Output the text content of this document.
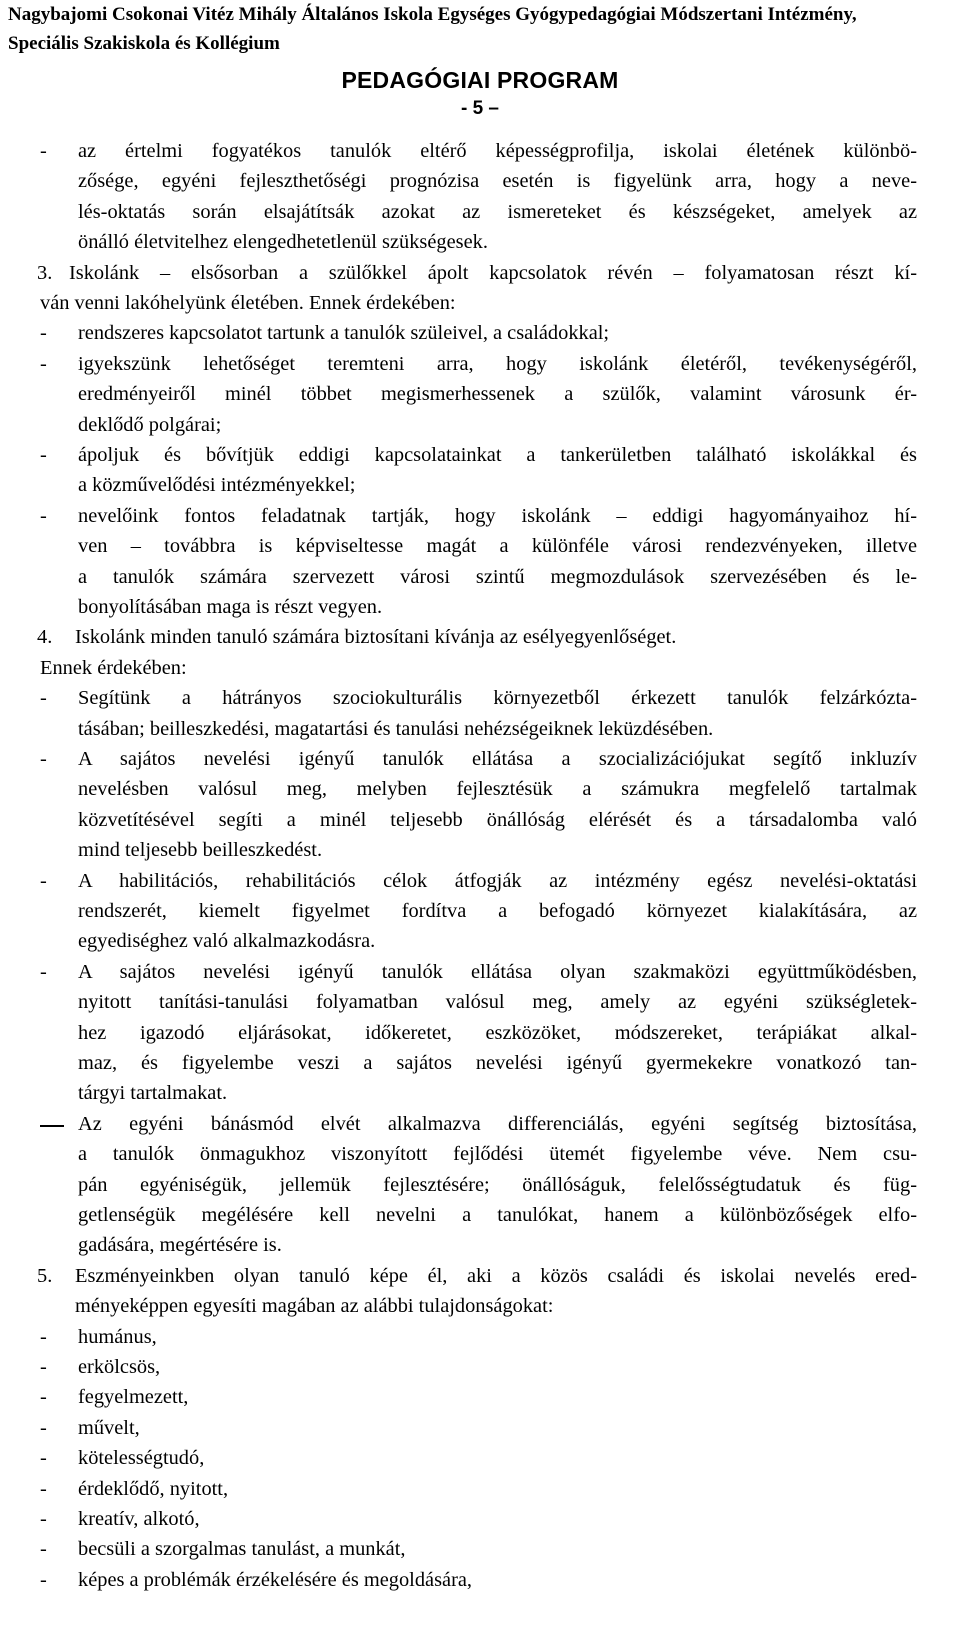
Nagybajomi Csokonai Vitéz Mihály Általános Iskola Egységes Gyógypedagógiai Módszertani Intézmény,
Speciális Szakiskola és Kollégium
PEDAGÓGIAI PROGRAM
- 5 –
- az értelmi fogyatékos tanulók eltérő képességprofilja, iskolai életének különbö-
zősége, egyéni fejleszthetőségi prognózisa esetén is figyelünk arra, hogy a neve-
lés-oktatás során elsajátítsák azokat az ismereteket és készségeket, amelyek az
önálló életvitelhez elengedhetetlenül szükségesek.
3. Iskolánk – elsősorban a szülőkkel ápolt kapcsolatok révén – folyamatosan részt kí-
ván venni lakóhelyünk életében. Ennek érdekében:
- rendszeres kapcsolatot tartunk a tanulók szüleivel, a családokkal;
- igyekszünk lehetőséget teremteni arra, hogy iskolánk életéről, tevékenységéről,
eredményeiről minél többet megismerhessenek a szülők, valamint városunk ér-
deklődő polgárai;
- ápoljuk és bővítjük eddigi kapcsolatainkat a tankerületben található iskolákkal és
a közművelődési intézményekkel;
- nevelőink fontos feladatnak tartják, hogy iskolánk – eddigi hagyományaihoz hí-
ven – továbbra is képviseltesse magát a különféle városi rendezvényeken, illetve
a tanulók számára szervezett városi szintű megmozdulások szervezésében és le-
bonyolításában maga is részt vegyen.
4. Iskolánk minden tanuló számára biztosítani kívánja az esélyegyenlőséget.
Ennek érdekében:
- Segítünk a hátrányos szociokulturális környezetből érkezett tanulók felzárkózta-
tásában; beilleszkedési, magatartási és tanulási nehézségeiknek leküzdésében.
- A sajátos nevelési igényű tanulók ellátása a szocializációjukat segítő inkluzív
nevelésben valósul meg, melyben fejlesztésük a számukra megfelelő tartalmak
közvetítésével segíti a minél teljesebb önállóság elérését és a társadalomba való
mind teljesebb beilleszkedést.
- A habilitációs, rehabilitációs célok átfogják az intézmény egész nevelési-oktatási
rendszerét, kiemelt figyelmet fordítva a befogadó környezet kialakítására, az
egyediséghez való alkalmazkodásra.
- A sajátos nevelési igényű tanulók ellátása olyan szakmaközi együttműködésben,
nyitott tanítási-tanulási folyamatban valósul meg, amely az egyéni szükségletek-
hez igazodó eljárásokat, időkeretet, eszközöket, módszereket, terápiákat alkal-
maz, és figyelembe veszi a sajátos nevelési igényű gyermekekre vonatkozó tan-
tárgyi tartalmakat.
Az egyéni bánásmód elvét alkalmazva differenciálás, egyéni segítség biztosítása,
a tanulók önmagukhoz viszonyított fejlődési ütemét figyelembe véve. Nem csu-
pán egyéniségük, jellemük fejlesztésére; önállóságuk, felelősségtudatuk és füg-
getlenségük megélésére kell nevelni a tanulókat, hanem a különbözőségek elfo-
gadására, megértésére is.
5. Eszményeinkben olyan tanuló képe él, aki a közös családi és iskolai nevelés ered-
ményeképpen egyesíti magában az alábbi tulajdonságokat:
- humánus,
- erkölcsös,
- fegyelmezett,
- művelt,
- kötelességtudó,
- érdeklődő, nyitott,
- kreatív, alkotó,
- becsüli a szorgalmas tanulást, a munkát,
- képes a problémák érzékelésére és megoldására,
